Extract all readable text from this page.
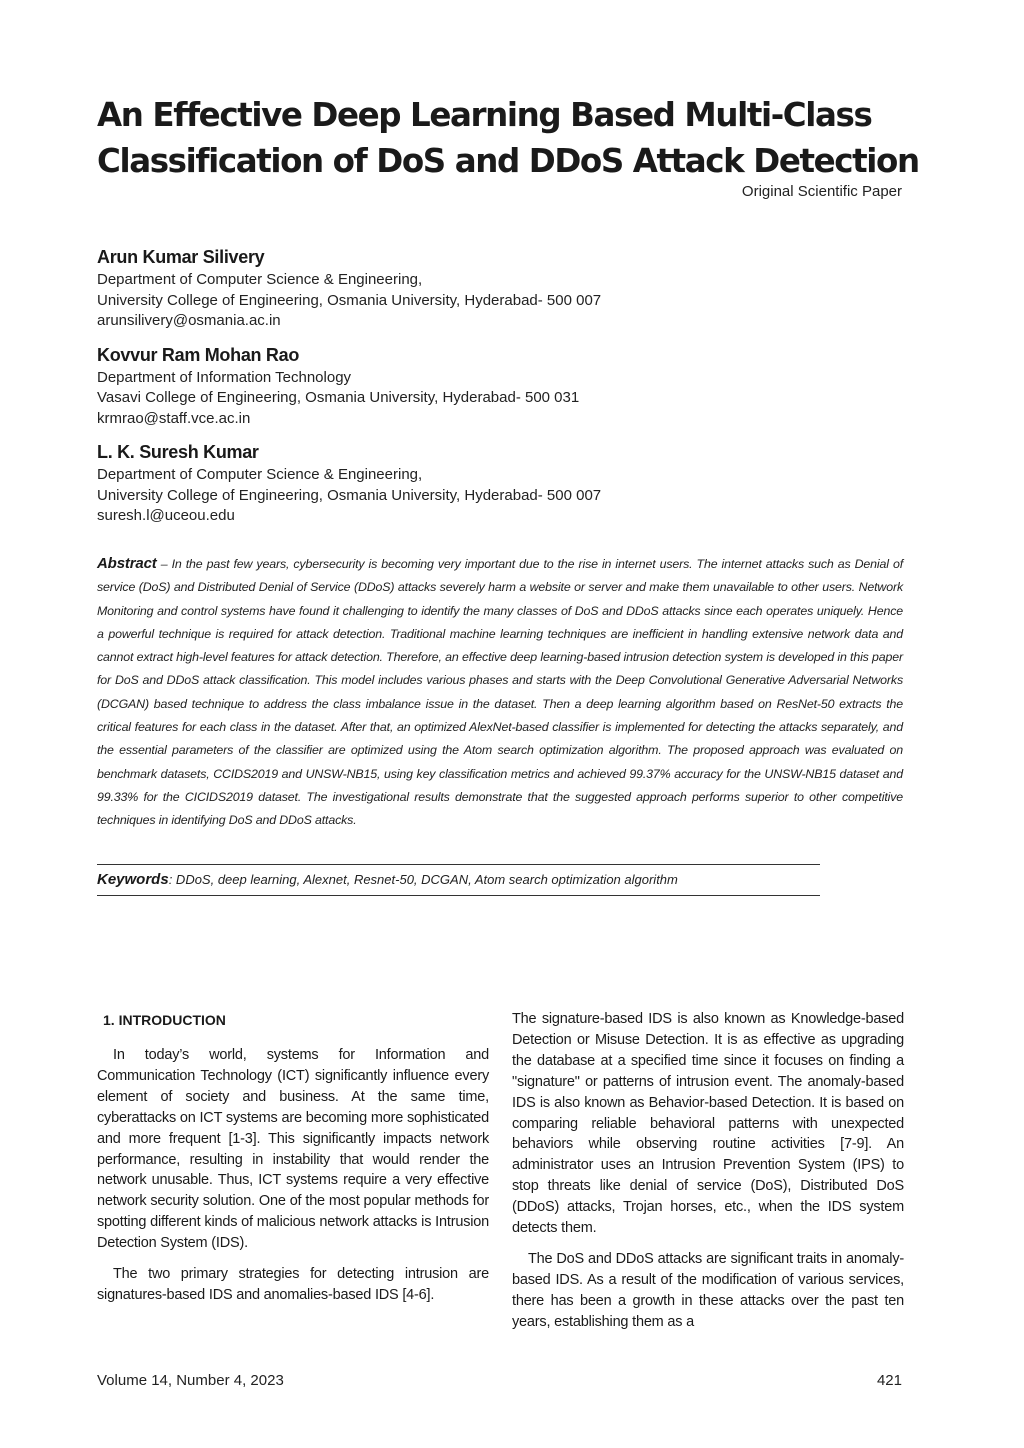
An Effective Deep Learning Based Multi-Class
Classification of DoS and DDoS Attack Detection
Original Scientific Paper
Arun Kumar Silivery
Department of Computer Science & Engineering,
University College of Engineering, Osmania University, Hyderabad- 500 007
arunsilivery@osmania.ac.in
Kovvur Ram Mohan Rao
Department of Information Technology
Vasavi College of Engineering, Osmania University, Hyderabad- 500 031
krmrao@staff.vce.ac.in
L. K. Suresh Kumar
Department of Computer Science & Engineering,
University College of Engineering, Osmania University, Hyderabad- 500 007
suresh.l@uceou.edu

Abstract – In the past few years, cybersecurity is becoming very important due to the rise in internet users. The internet attacks such as Denial of service (DoS) and Distributed Denial of Service (DDoS) attacks severely harm a website or server and make them unavailable to other users. Network Monitoring and control systems have found it challenging to identify the many classes of DoS and DDoS attacks since each operates uniquely. Hence a powerful technique is required for attack detection. Traditional machine learning techniques are inefficient in handling extensive network data and cannot extract high-level features for attack detection. Therefore, an effective deep learning-based intrusion detection system is developed in this paper for DoS and DDoS attack classification. This model includes various phases and starts with the Deep Convolutional Generative Adversarial Networks (DCGAN) based technique to address the class imbalance issue in the dataset. Then a deep learning algorithm based on ResNet-50 extracts the critical features for each class in the dataset. After that, an optimized AlexNet-based classifier is implemented for detecting the attacks separately, and the essential parameters of the classifier are optimized using the Atom search optimization algorithm. The proposed approach was evaluated on benchmark datasets, CCIDS2019 and UNSW-NB15, using key classification metrics and achieved 99.37% accuracy for the UNSW-NB15 dataset and 99.33% for the CICIDS2019 dataset. The investigational results demonstrate that the suggested approach performs superior to other competitive techniques in identifying DoS and DDoS attacks.

Keywords: DDoS, deep learning, Alexnet, Resnet-50, DCGAN, Atom search optimization algorithm
1. INTRODUCTION

In today’s world, systems for Information and Communication Technology (ICT) significantly influence every element of society and business. At the same time, cyberattacks on ICT systems are becoming more sophisticated and more frequent [1-3]. This significantly impacts network performance, resulting in instability that would render the network unusable. Thus, ICT systems require a very effective network security solution. One of the most popular methods for spotting different kinds of malicious network attacks is Intrusion Detection System (IDS).

The two primary strategies for detecting intrusion are signatures-based IDS and anomalies-based IDS [4-6].

The signature-based IDS is also known as Knowledge-based Detection or Misuse Detection. It is as effective as upgrading the database at a specified time since it focuses on finding a "signature" or patterns of intrusion event. The anomaly-based IDS is also known as Behavior-based Detection. It is based on comparing reliable behavioral patterns with unexpected behaviors while observing routine activities [7-9]. An administrator uses an Intrusion Prevention System (IPS) to stop threats like denial of service (DoS), Distributed DoS (DDoS) attacks, Trojan horses, etc., when the IDS system detects them.

The DoS and DDoS attacks are significant traits in anomaly-based IDS. As a result of the modification of various services, there has been a growth in these attacks over the past ten years, establishing them as a

Volume 14, Number 4, 2023	421
